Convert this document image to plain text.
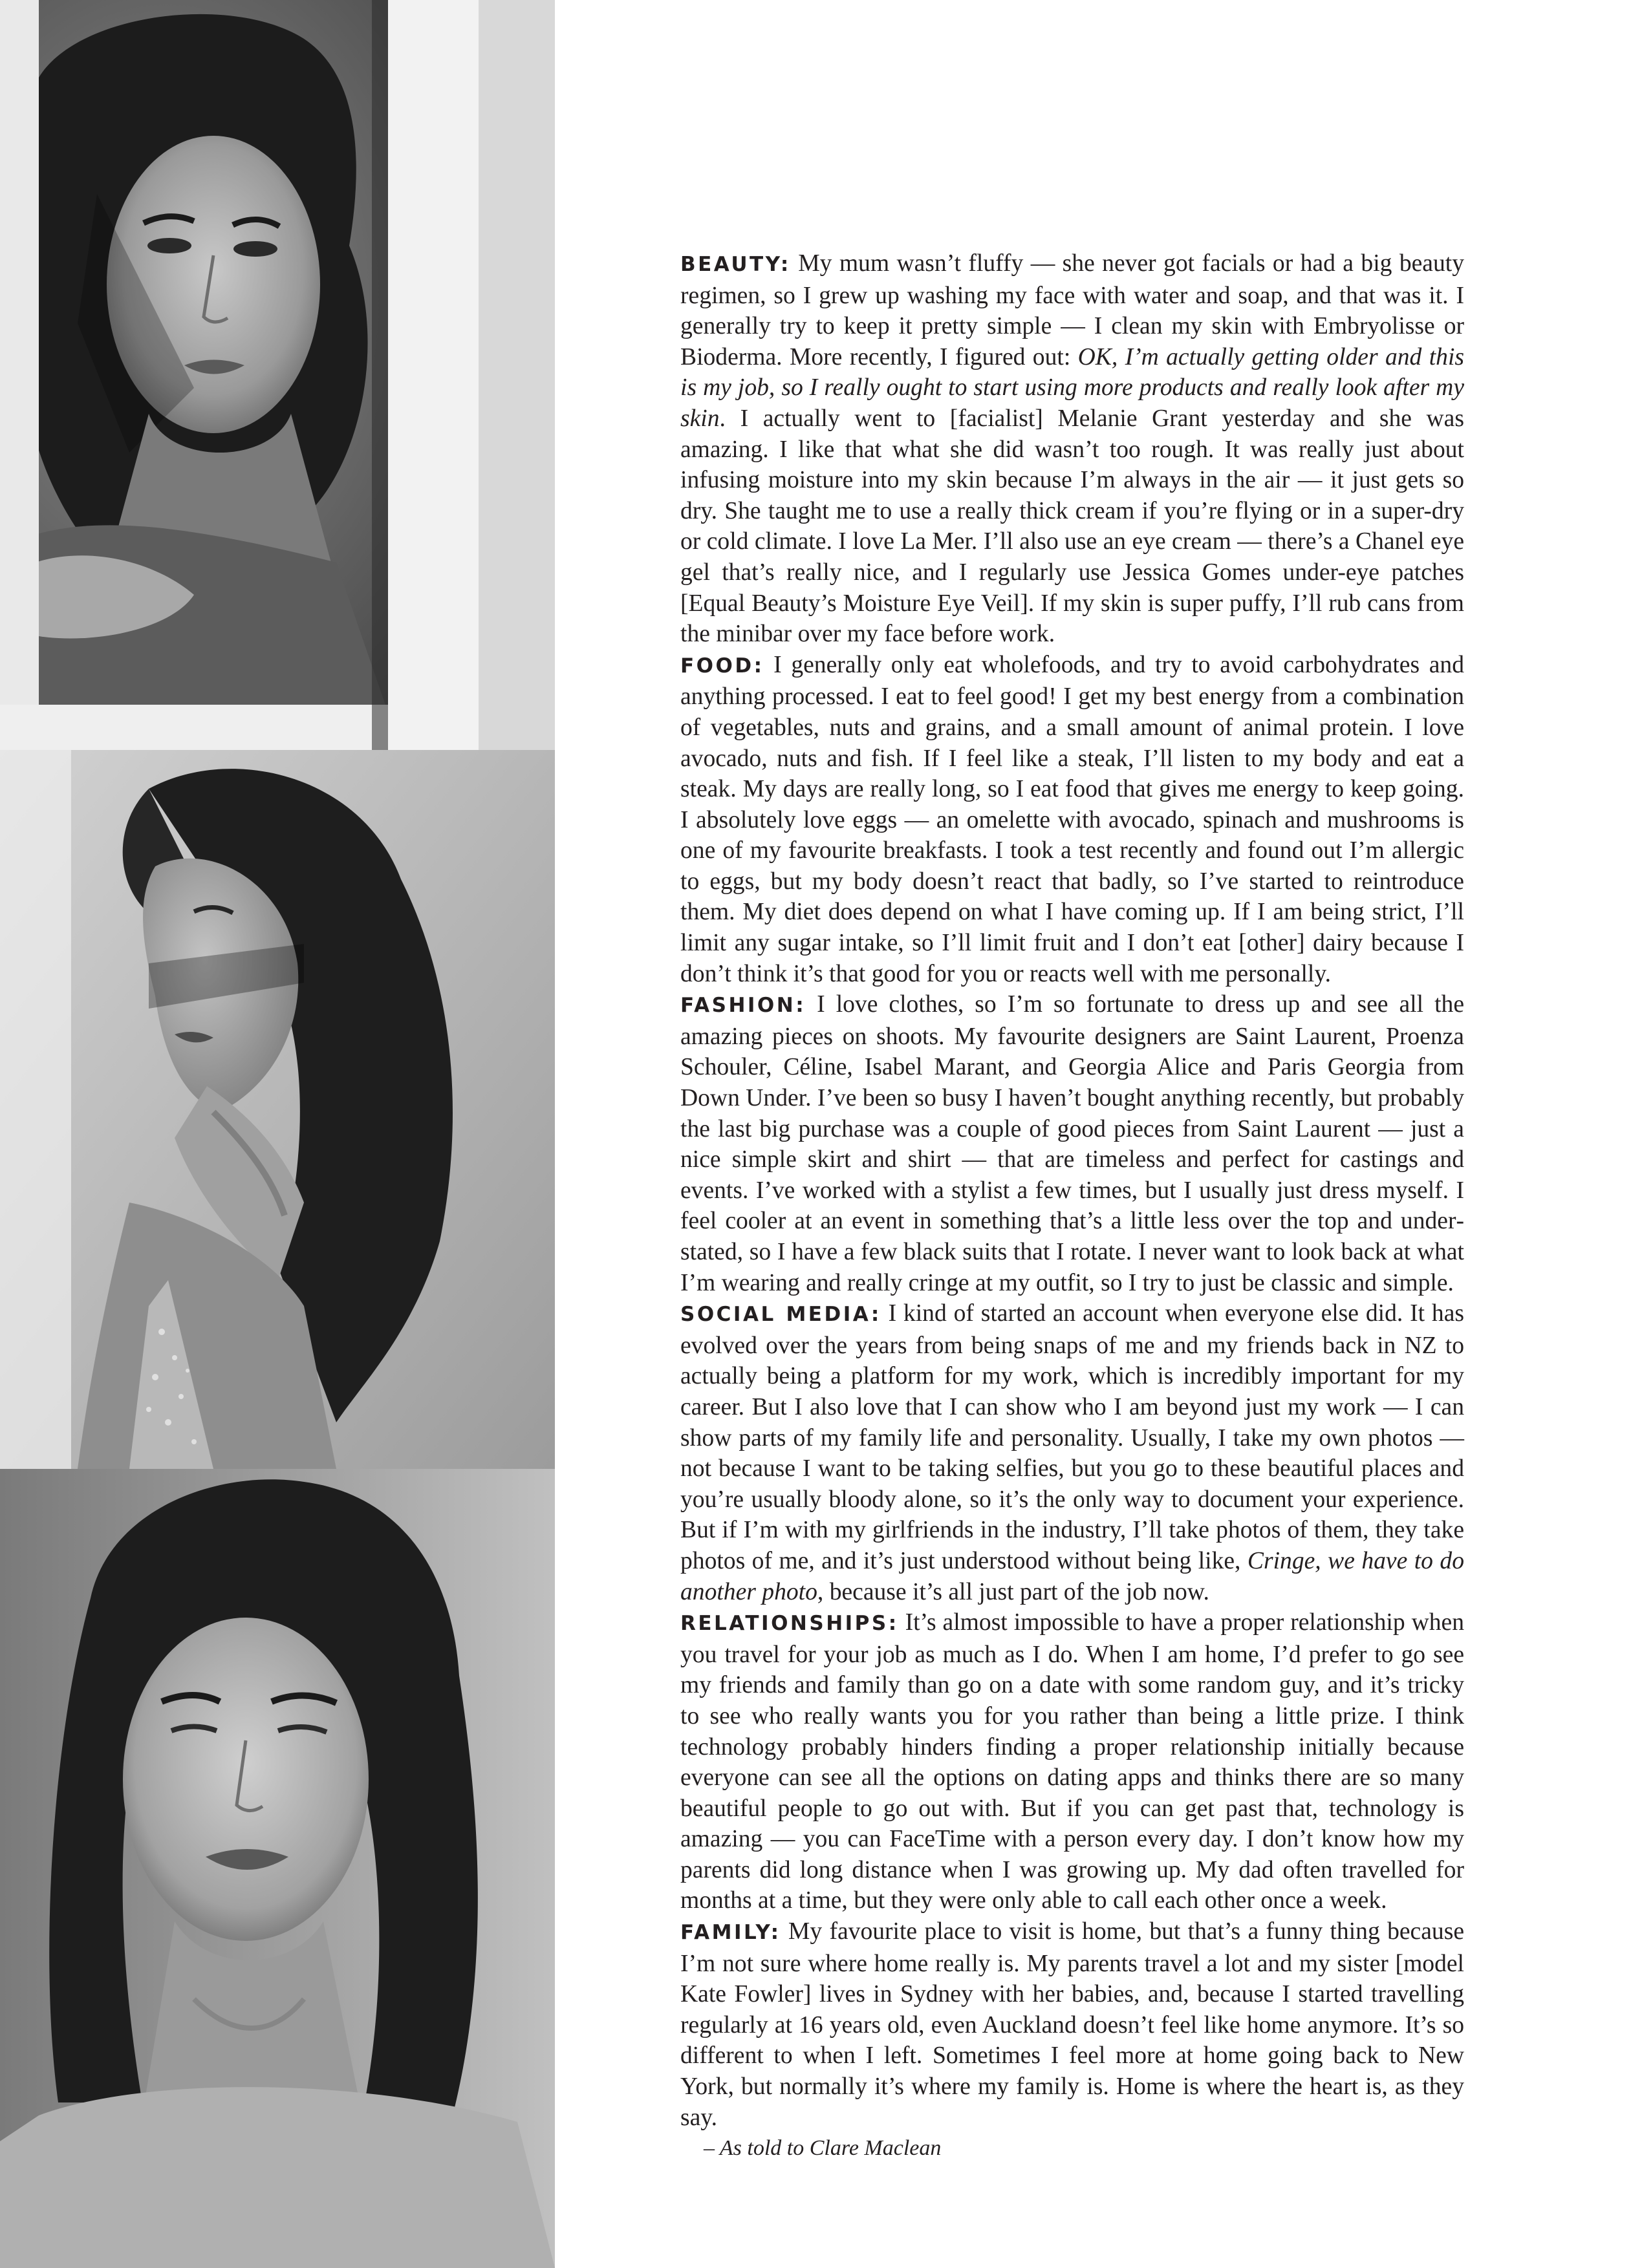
BEAUTY: My mum wasn’t fluffy — she never got facials or had a big beauty regimen, so I grew up washing my face with water and soap, and that was it. I generally try to keep it pretty simple — I clean my skin with Embryolisse or Bioderma. More recently, I figured out: OK, I’m actually getting older and this is my job, so I really ought to start using more products and really look after my skin. I actually went to [facialist] Melanie Grant yesterday and she was amazing. I like that what she did wasn’t too rough. It was really just about infusing moisture into my skin because I’m always in the air — it just gets so dry. She taught me to use a really thick cream if you’re flying or in a super-dry or cold climate. I love La Mer. I’ll also use an eye cream — there’s a Chanel eye gel that’s really nice, and I regularly use Jessica Gomes under-eye patches [Equal Beauty’s Moisture Eye Veil]. If my skin is super puffy, I’ll rub cans from the minibar over my face before work.

FOOD: I generally only eat wholefoods, and try to avoid carbohydrates and anything processed. I eat to feel good! I get my best energy from a combination of vegetables, nuts and grains, and a small amount of animal protein. I love avocado, nuts and fish. If I feel like a steak, I’ll listen to my body and eat a steak. My days are really long, so I eat food that gives me energy to keep going. I absolutely love eggs — an omelette with avocado, spinach and mushrooms is one of my favourite breakfasts. I took a test recently and found out I’m allergic to eggs, but my body doesn’t react that badly, so I’ve started to reintroduce them. My diet does depend on what I have coming up. If I am being strict, I’ll limit any sugar intake, so I’ll limit fruit and I don’t eat [other] dairy because I don’t think it’s that good for you or reacts well with me personally.

FASHION: I love clothes, so I’m so fortunate to dress up and see all the amazing pieces on shoots. My favourite designers are Saint Laurent, Proenza Schouler, Céline, Isabel Marant, and Georgia Alice and Paris Georgia from Down Under. I’ve been so busy I haven’t bought anything recently, but probably the last big purchase was a couple of good pieces from Saint Laurent — just a nice simple skirt and shirt — that are timeless and perfect for castings and events. I’ve worked with a stylist a few times, but I usually just dress myself. I feel cooler at an event in something that’s a little less over the top and understated, so I have a few black suits that I rotate. I never want to look back at what I’m wearing and really cringe at my outfit, so I try to just be classic and simple.

SOCIAL MEDIA: I kind of started an account when everyone else did. It has evolved over the years from being snaps of me and my friends back in NZ to actually being a platform for my work, which is incredibly important for my career. But I also love that I can show who I am beyond just my work — I can show parts of my family life and personality. Usually, I take my own photos — not because I want to be taking selfies, but you go to these beautiful places and you’re usually bloody alone, so it’s the only way to document your experience. But if I’m with my girlfriends in the industry, I’ll take photos of them, they take photos of me, and it’s just understood without being like, Cringe, we have to do another photo, because it’s all just part of the job now.

RELATIONSHIPS: It’s almost impossible to have a proper relationship when you travel for your job as much as I do. When I am home, I’d prefer to go see my friends and family than go on a date with some random guy, and it’s tricky to see who really wants you for you rather than being a little prize. I think technology probably hinders finding a proper relationship initially because everyone can see all the options on dating apps and thinks there are so many beautiful people to go out with. But if you can get past that, technology is amazing — you can FaceTime with a person every day. I don’t know how my parents did long distance when I was growing up. My dad often travelled for months at a time, but they were only able to call each other once a week.

FAMILY: My favourite place to visit is home, but that’s a funny thing because I’m not sure where home really is. My parents travel a lot and my sister [model Kate Fowler] lives in Sydney with her babies, and, because I started travelling regularly at 16 years old, even Auckland doesn’t feel like home anymore. It’s so different to when I left. Sometimes I feel more at home going back to New York, but normally it’s where my family is. Home is where the heart is, as they say.

– As told to Clare Maclean
